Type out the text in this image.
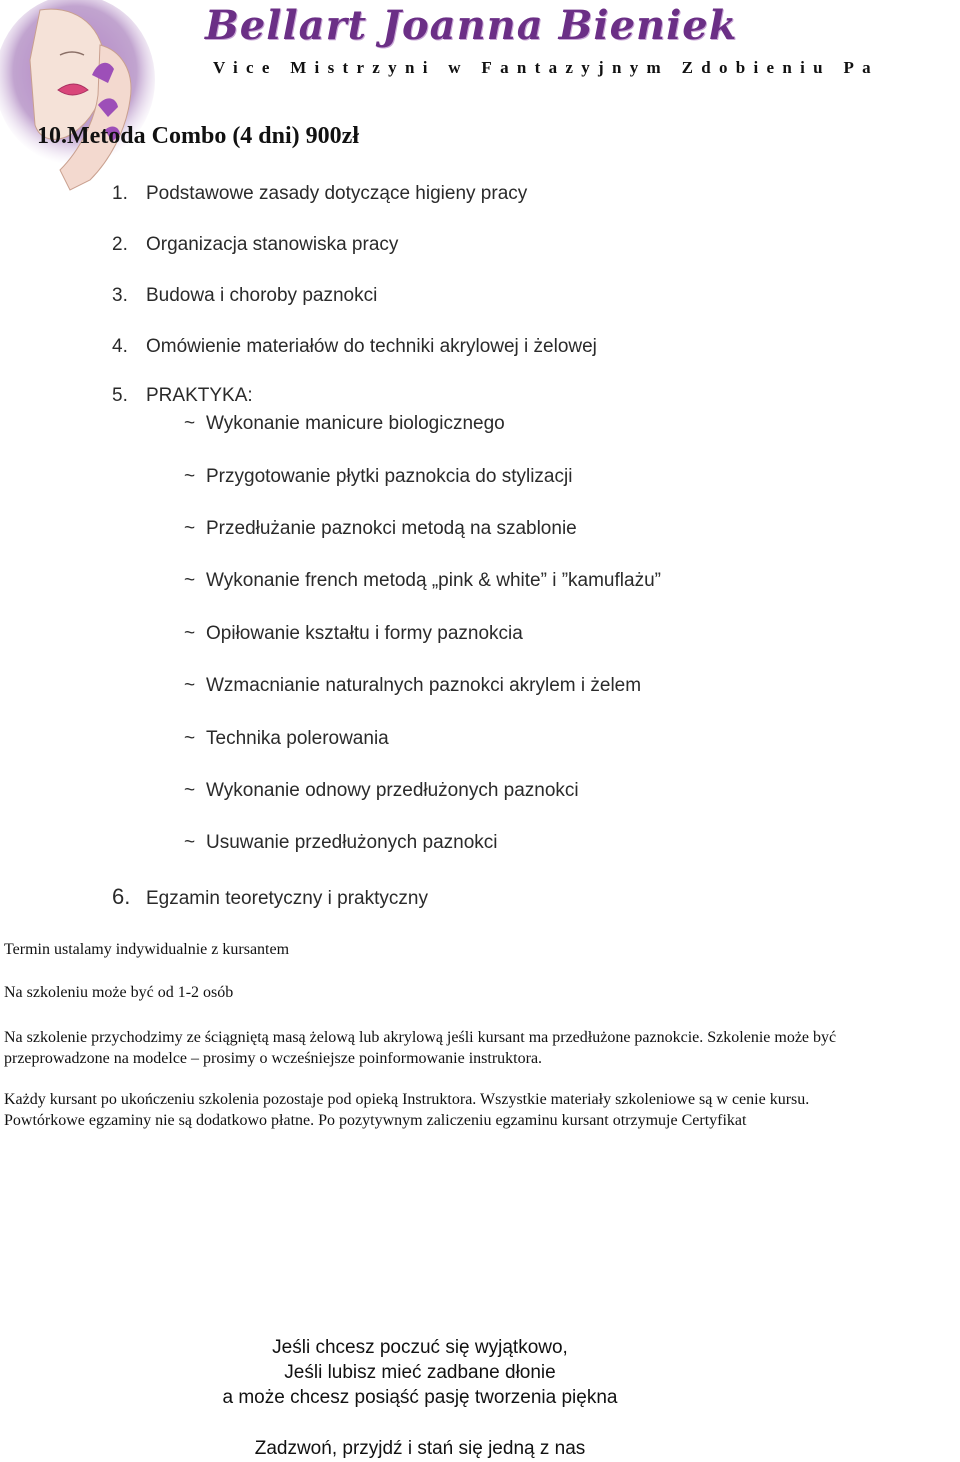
Bellart Joanna Bieniek

Vice Mistrzyni w Fantazyjnym Zdobieniu Pa

10.Metoda Combo (4 dni) 900zł
1. Podstawowe zasady dotyczące higieny pracy
2. Organizacja stanowiska pracy
3. Budowa i choroby paznokci
4. Omówienie materiałów do techniki akrylowej i żelowej
5. PRAKTYKA:
~ Wykonanie manicure biologicznego
~ Przygotowanie płytki paznokcia do stylizacji
~ Przedłużanie paznokci metodą na szablonie
~ Wykonanie french metodą „pink & white” i ”kamuflażu”
~ Opiłowanie kształtu i formy paznokcia
~ Wzmacnianie naturalnych paznokci akrylem i żelem
~ Technika polerowania
~ Wykonanie odnowy przedłużonych paznokci
~ Usuwanie przedłużonych paznokci
6. Egzamin teoretyczny i praktyczny
Termin ustalamy indywidualnie z kursantem
Na szkoleniu może być od 1-2 osób

Na szkolenie przychodzimy ze ściągniętą masą żelową lub akrylową jeśli kursant ma przedłużone paznokcie. Szkolenie może być przeprowadzone na modelce – prosimy o wcześniejsze poinformowanie instruktora.

Każdy kursant po ukończeniu szkolenia pozostaje pod opieką Instruktora. Wszystkie materiały szkoleniowe są w cenie kursu. Powtórkowe egzaminy nie są dodatkowo płatne. Po pozytywnym zaliczeniu egzaminu kursant otrzymuje Certyfikat

Jeśli chcesz poczuć się wyjątkowo,

Jeśli lubisz mieć zadbane dłonie

a może chcesz posiąść pasję tworzenia piękna

Zadzwoń, przyjdź i stań się jedną z nas
